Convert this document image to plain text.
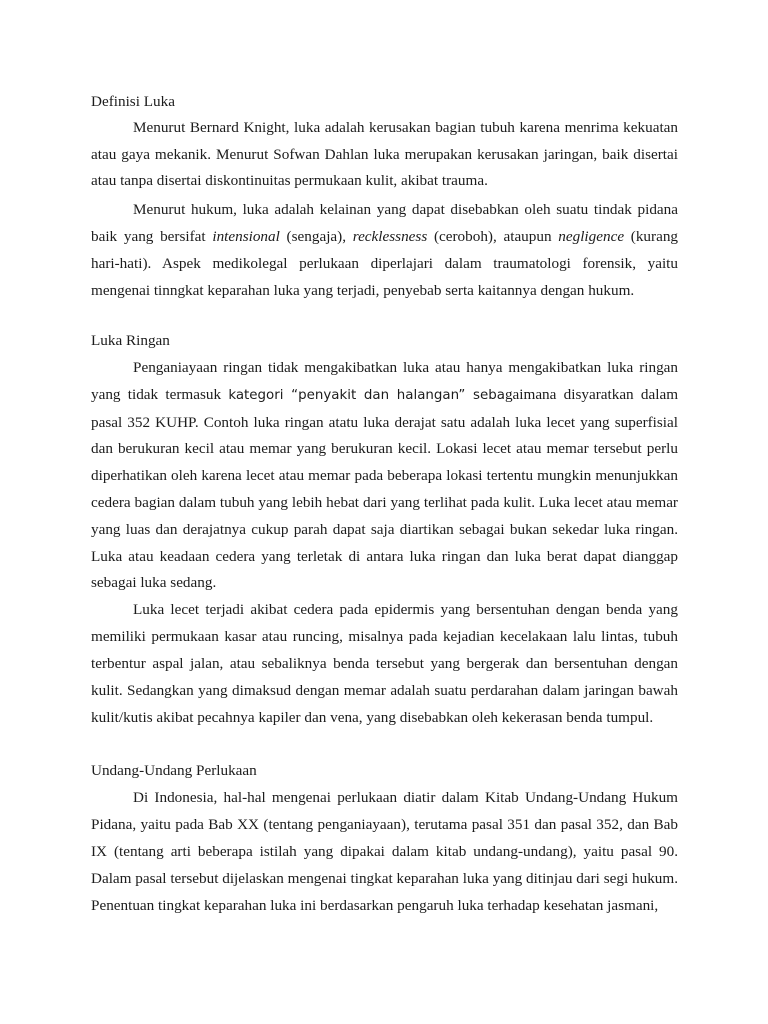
Definisi Luka

Menurut Bernard Knight, luka adalah kerusakan bagian tubuh karena menrima kekuatan atau gaya mekanik. Menurut Sofwan Dahlan luka merupakan kerusakan jaringan, baik disertai atau tanpa disertai diskontinuitas permukaan kulit, akibat trauma.

Menurut hukum, luka adalah kelainan yang dapat disebabkan oleh suatu tindak pidana baik yang bersifat intensional (sengaja), recklessness (ceroboh), ataupun negligence (kurang hari-hati). Aspek medikolegal perlukaan diperlajari dalam traumatologi forensik, yaitu mengenai tinngkat keparahan luka yang terjadi, penyebab serta kaitannya dengan hukum.

Luka Ringan

Penganiayaan ringan tidak mengakibatkan luka atau hanya mengakibatkan luka ringan yang tidak termasuk kategori “penyakit dan halangan” sebagaimana disyaratkan dalam pasal 352 KUHP. Contoh luka ringan atatu luka derajat satu adalah luka lecet yang superfisial dan berukuran kecil atau memar yang berukuran kecil. Lokasi lecet atau memar tersebut perlu diperhatikan oleh karena lecet atau memar pada beberapa lokasi tertentu mungkin menunjukkan cedera bagian dalam tubuh yang lebih hebat dari yang terlihat pada kulit. Luka lecet atau memar yang luas dan derajatnya cukup parah dapat saja diartikan sebagai bukan sekedar luka ringan. Luka atau keadaan cedera yang terletak di antara luka ringan dan luka berat dapat dianggap sebagai luka sedang.

Luka lecet terjadi akibat cedera pada epidermis yang bersentuhan dengan benda yang memiliki permukaan kasar atau runcing, misalnya pada kejadian kecelakaan lalu lintas, tubuh terbentur aspal jalan, atau sebaliknya benda tersebut yang bergerak dan bersentuhan dengan kulit. Sedangkan yang dimaksud dengan memar adalah suatu perdarahan dalam jaringan bawah kulit/kutis akibat pecahnya kapiler dan vena, yang disebabkan oleh kekerasan benda tumpul.

Undang-Undang Perlukaan

Di Indonesia, hal-hal mengenai perlukaan diatir dalam Kitab Undang-Undang Hukum Pidana, yaitu pada Bab XX (tentang penganiayaan), terutama pasal 351 dan pasal 352, dan Bab IX (tentang arti beberapa istilah yang dipakai dalam kitab undang-undang), yaitu pasal 90. Dalam pasal tersebut dijelaskan mengenai tingkat keparahan luka yang ditinjau dari segi hukum. Penentuan tingkat keparahan luka ini berdasarkan pengaruh luka terhadap kesehatan jasmani,
